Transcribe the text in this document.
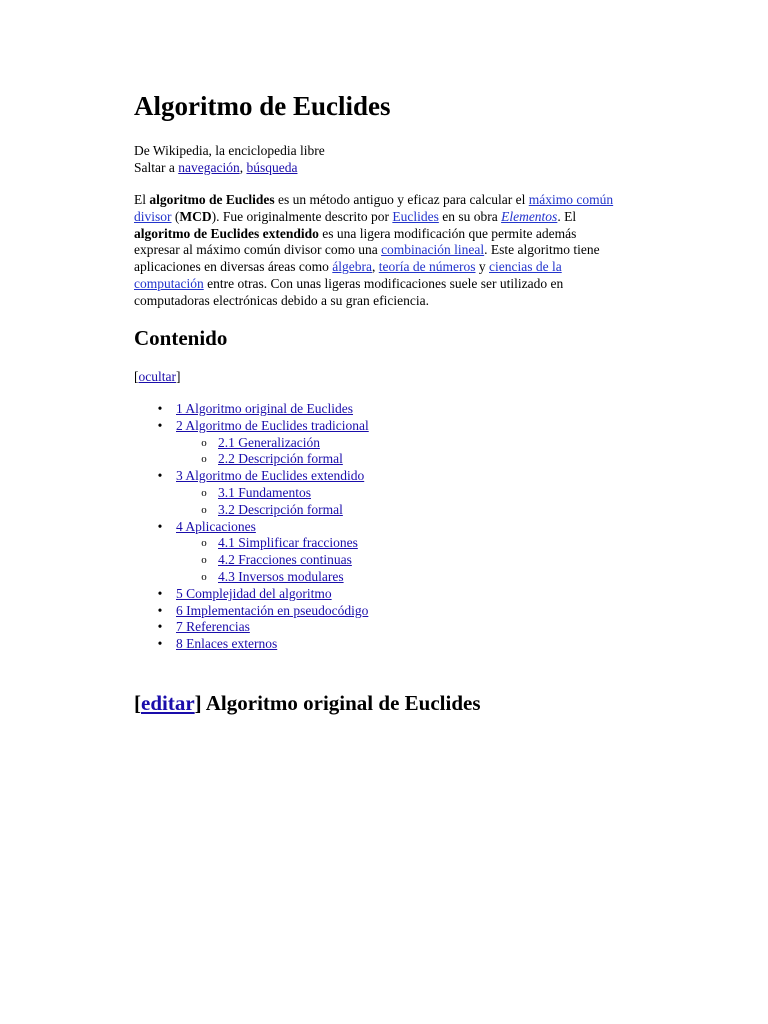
Algoritmo de Euclides
De Wikipedia, la enciclopedia libre
Saltar a navegación, búsqueda

El algoritmo de Euclides es un método antiguo y eficaz para calcular el máximo común divisor (MCD). Fue originalmente descrito por Euclides en su obra Elementos. El algoritmo de Euclides extendido es una ligera modificación que permite además expresar al máximo común divisor como una combinación lineal. Este algoritmo tiene aplicaciones en diversas áreas como álgebra, teoría de números y ciencias de la computación entre otras. Con unas ligeras modificaciones suele ser utilizado en computadoras electrónicas debido a su gran eficiencia.

Contenido
[ocultar]
• 1 Algoritmo original de Euclides
• 2 Algoritmo de Euclides tradicional
o 2.1 Generalización
o 2.2 Descripción formal
• 3 Algoritmo de Euclides extendido
o 3.1 Fundamentos
o 3.2 Descripción formal
• 4 Aplicaciones
o 4.1 Simplificar fracciones
o 4.2 Fracciones continuas
o 4.3 Inversos modulares
• 5 Complejidad del algoritmo
• 6 Implementación en pseudocódigo
• 7 Referencias
• 8 Enlaces externos
[editar] Algoritmo original de Euclides
